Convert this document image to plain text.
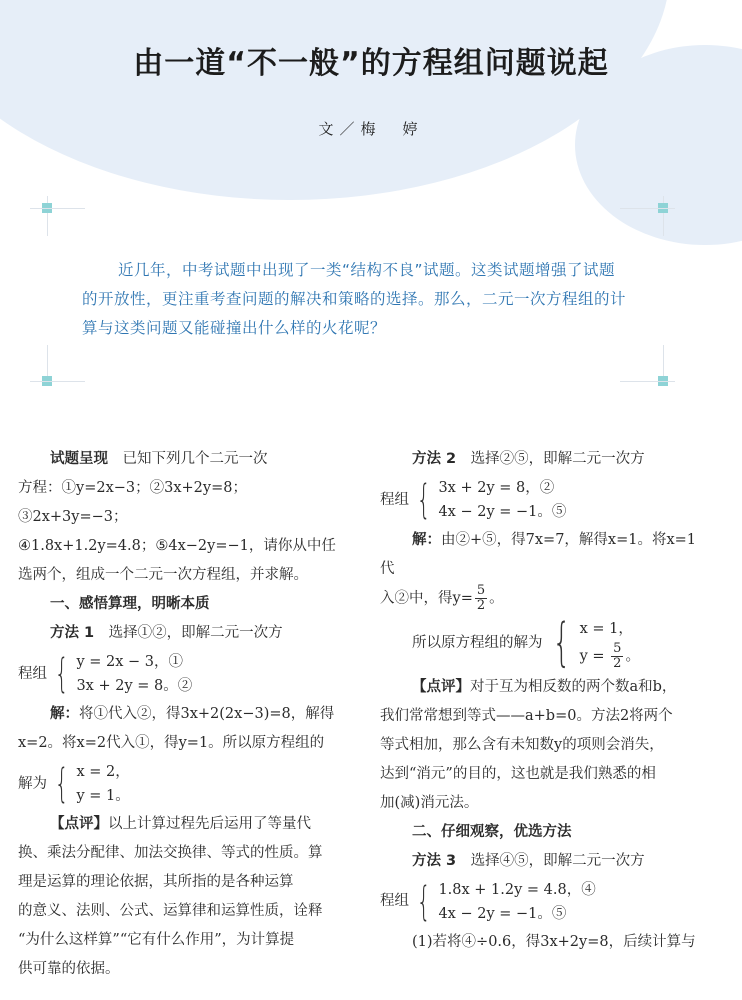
由一道“不一般”的方程组问题说起
文／梅　婷
近几年，中考试题中出现了一类“结构不良”试题。这类试题增强了试题
的开放性，更注重考查问题的解决和策略的选择。那么，二元一次方程组的计
算与这类问题又能碰撞出什么样的火花呢？

试题呈现　 已知下列几个二元一次

方程：①y=2x−3；②3x+2y=8；③2x+3y=−3；

④1.8x+1.2y=4.8；⑤4x−2y=−1，请你从中任

选两个，组成一个二元一次方程组，并求解。

一、感悟算理，明晰本质

方法 1　 选择①②，即解二元一次方

程组 { y = 2x − 3，①
3x + 2y = 8。②

解：将①代入②，得3x+2(2x−3)=8，解得

x=2。将x=2代入①，得y=1。所以原方程组的

解为 { x = 2，
y = 1。

【点评】以上计算过程先后运用了等量代

换、乘法分配律、加法交换律、等式的性质。算

理是运算的理论依据，其所指的是各种运算

的意义、法则、公式、运算律和运算性质，诠释

“为什么这样算”“它有什么作用”，为计算提

供可靠的依据。

方法 2　 选择②⑤，即解二元一次方

程组 { 3x + 2y = 8，②
4x − 2y = −1。⑤

解：由②+⑤，得7x=7，解得x=1。将x=1代

入②中，得$y= \frac{5}{2}$ 。

所以原方程组的解为 { x = 1，
$y = \frac{5}{2}$ 。

【点评】对于互为相反数的两个数a和b，

我们常常想到等式——a+b=0。方法2将两个

等式相加，那么含有未知数y的项则会消失，

达到“消元”的目的，这也就是我们熟悉的相

加(减)消元法。

二、仔细观察，优选方法

方法 3　 选择④⑤，即解二元一次方

程组 { 1.8x + 1.2y = 4.8，④
4x − 2y = −1。⑤

(1)若将④÷0.6，得3x+2y=8，后续计算与
